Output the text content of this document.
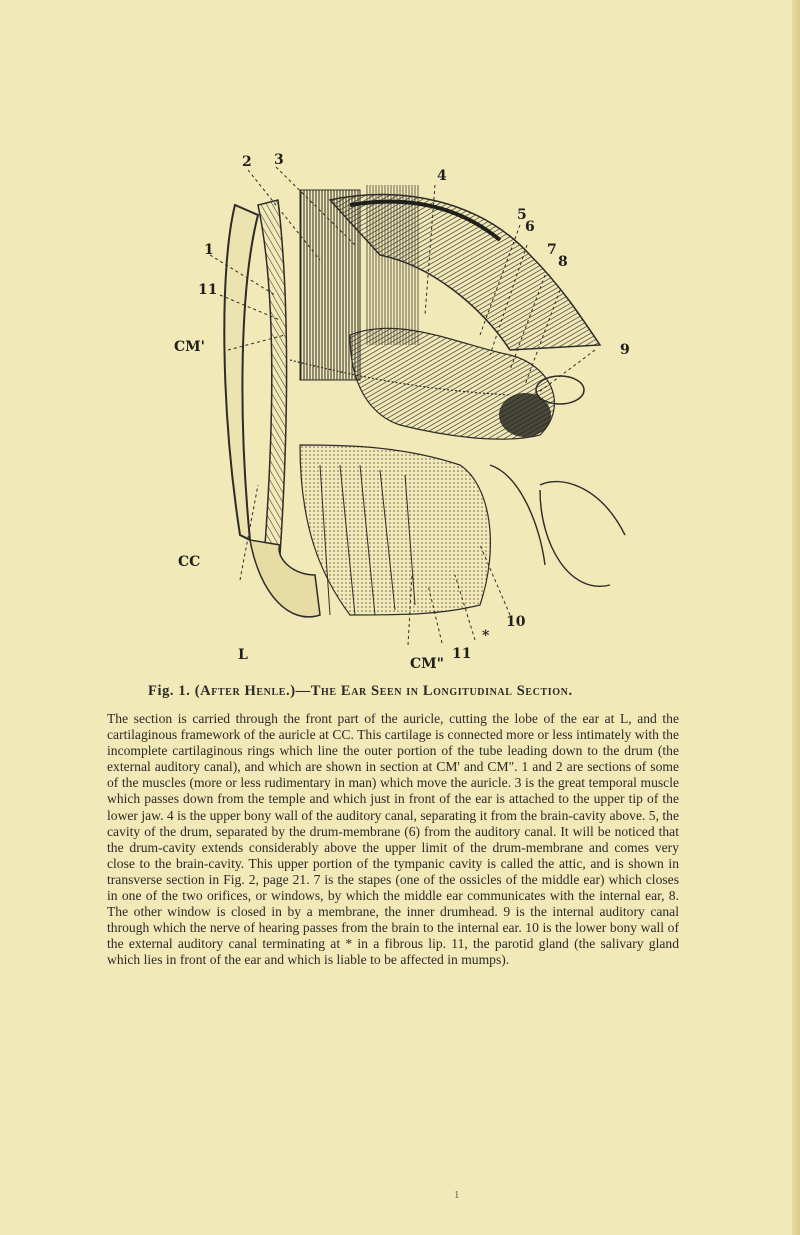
2 3
4
5
6
7
8
9
1
11
CM'
CC
L
CM"
11
10
*
Fig. 1. (After Henle.)—The Ear Seen in Longitudinal Section.
The section is carried through the front part of the auricle, cutting the lobe of the ear at L, and the cartilaginous framework of the auricle at CC. This cartilage is connected more or less intimately with the incomplete cartilaginous rings which line the outer portion of the tube leading down to the drum (the external auditory canal), and which are shown in section at CM' and CM". 1 and 2 are sections of some of the muscles (more or less rudimentary in man) which move the auricle. 3 is the great temporal muscle which passes down from the temple and which just in front of the ear is attached to the upper tip of the lower jaw. 4 is the upper bony wall of the auditory canal, separating it from the brain-cavity above. 5, the cavity of the drum, separated by the drum-membrane (6) from the auditory canal. It will be noticed that the drum-cavity extends considerably above the upper limit of the drum-membrane and comes very close to the brain-cavity. This upper portion of the tympanic cavity is called the attic, and is shown in transverse section in Fig. 2, page 21. 7 is the stapes (one of the ossicles of the middle ear) which closes in one of the two orifices, or windows, by which the middle ear communicates with the internal ear, 8. The other window is closed in by a membrane, the inner drumhead. 9 is the internal auditory canal through which the nerve of hearing passes from the brain to the internal ear. 10 is the lower bony wall of the external auditory canal terminating at * in a fibrous lip. 11, the parotid gland (the salivary gland which lies in front of the ear and which is liable to be affected in mumps).
1
